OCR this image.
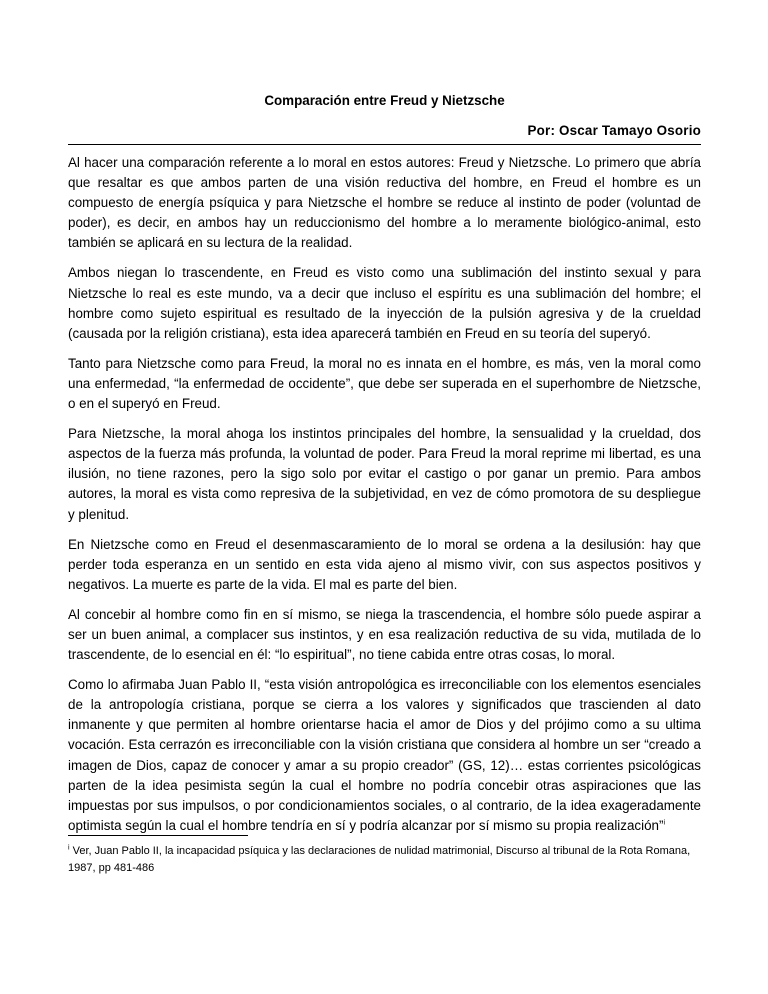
Comparación entre Freud y Nietzsche
Por: Oscar Tamayo Osorio

Al hacer una comparación referente a lo moral en estos autores: Freud y Nietzsche. Lo primero que abría que resaltar es que ambos parten de una visión reductiva del hombre, en Freud el hombre es un compuesto de energía psíquica y para Nietzsche el hombre se reduce al instinto de poder (voluntad de poder), es decir, en ambos hay un reduccionismo del hombre a lo meramente biológico-animal, esto también se aplicará en su lectura de la realidad.

Ambos niegan lo trascendente, en Freud es visto como una sublimación del instinto sexual y para Nietzsche lo real es este mundo, va a decir que incluso el espíritu es una sublimación del hombre; el hombre como sujeto espiritual es resultado de la inyección de la pulsión agresiva y de la crueldad (causada por la religión cristiana), esta idea aparecerá también en Freud en su teoría del superyó.

Tanto para Nietzsche como para Freud, la moral no es innata en el hombre, es más, ven la moral como una enfermedad, “la enfermedad de occidente”, que debe ser superada en el superhombre de Nietzsche, o en el superyó en Freud.

Para Nietzsche, la moral ahoga los instintos principales del hombre, la sensualidad y la crueldad, dos aspectos de la fuerza más profunda, la voluntad de poder. Para Freud la moral reprime mi libertad, es una ilusión, no tiene razones, pero la sigo solo por evitar el castigo o por ganar un premio. Para ambos autores, la moral es vista como represiva de la subjetividad, en vez de cómo promotora de su despliegue y plenitud.

En Nietzsche como en Freud el desenmascaramiento de lo moral se ordena a la desilusión: hay que perder toda esperanza en un sentido en esta vida ajeno al mismo vivir, con sus aspectos positivos y negativos. La muerte es parte de la vida. El mal es parte del bien.

Al concebir al hombre como fin en sí mismo, se niega la trascendencia, el hombre sólo puede aspirar a ser un buen animal, a complacer sus instintos, y en esa realización reductiva de su vida, mutilada de lo trascendente, de lo esencial en él: “lo espiritual”, no tiene cabida entre otras cosas, lo moral.

Como lo afirmaba Juan Pablo II, “esta visión antropológica es irreconciliable con los elementos esenciales de la antropología cristiana, porque se cierra a los valores y significados que trascienden al dato inmanente y que permiten al hombre orientarse hacia el amor de Dios y del prójimo como a su ultima vocación. Esta cerrazón es irreconciliable con la visión cristiana que considera al hombre un ser “creado a imagen de Dios, capaz de conocer y amar a su propio creador” (GS, 12)… estas corrientes psicológicas parten de la idea pesimista según la cual el hombre no podría concebir otras aspiraciones que las impuestas por sus impulsos, o por condicionamientos sociales, o al contrario, de la idea exageradamente optimista según la cual el hombre tendría en sí y podría alcanzar por sí mismo su propia realización”$^i$

$^i$ Ver, Juan Pablo II, la incapacidad psíquica y las declaraciones de nulidad matrimonial, Discurso al tribunal de la Rota Romana, 1987, pp 481-486
